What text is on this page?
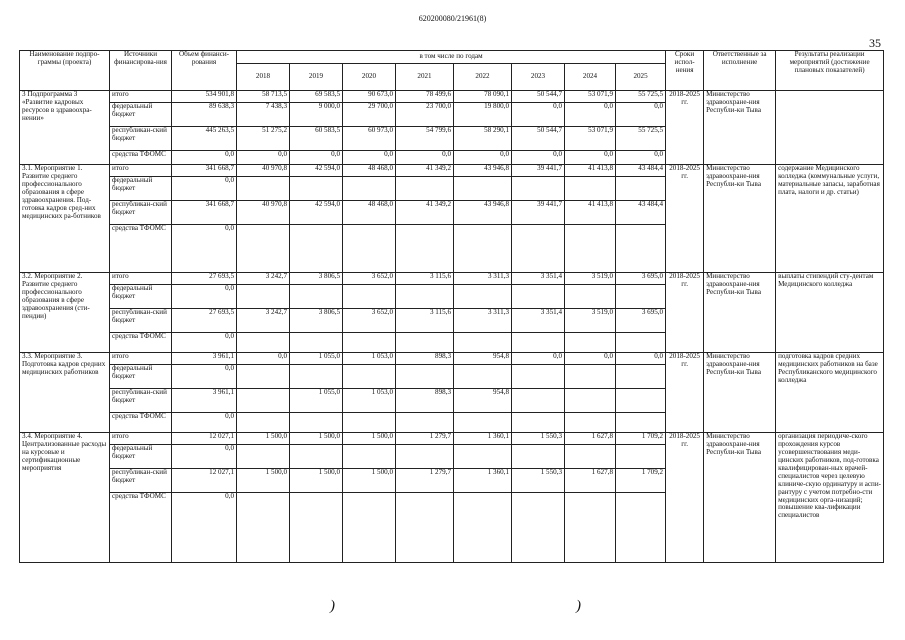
620200080/21961(8)
35
Наименование подпро-граммы (проекта)	Источники финансирова-ния	Объем финанси-рования	в том числе по годам								Сроки испол-нения	Ответственные за исполнение	Результаты реализации мероприятий (достижение плановых показателей)
			2018	2019	2020	2021	2022	2023	2024	2025			
3 Подпрограмма 3 «Развитие кадровых ресурсов в здравоохра-нении»	итого	534 901,8	58 713,5	69 583,5	90 673,0	78 499,6	78 090,1	50 544,7	53 071,9	55 725,5	2018-2025 гг.	Министерство здравоохране-ния Республи-ки Тыва	
	федеральный бюджет	89 638,3	7 438,3	9 000,0	29 700,0	23 700,0	19 800,0	0,0	0,0	0,0			
	республикан-ский бюджет	445 263,5	51 275,2	60 583,5	60 973,0	54 799,6	58 290,1	50 544,7	53 071,9	55 725,5			
	средства ТФОМС	0,0	0,0	0,0	0,0	0,0	0,0	0,0	0,0	0,0			
3.1. Мероприятие 1. Развитие среднего профессионального образования в сфере здравоохранения. Под-готовка кадров сред-них медицинских ра-ботников	итого	341 668,7	40 970,8	42 594,0	48 468,0	41 349,2	43 946,8	39 441,7	41 413,8	43 484,4	2018-2025 гг.	Министерство здравоохране-ния Республи-ки Тыва	содержание Медицинского колледжа (коммунальные услуги, материальные запасы, заработная плата, налоги и др. статьи)
	федеральный бюджет	0,0											
	республикан-ский бюджет	341 668,7	40 970,8	42 594,0	48 468,0	41 349,2	43 946,8	39 441,7	41 413,8	43 484,4			
	средства ТФОМС	0,0											
3.2. Мероприятие 2. Развитие среднего профессионального образования в сфере здравоохранения (сти-пендии)	итого	27 693,5	3 242,7	3 806,5	3 652,0	3 115,6	3 311,3	3 351,4	3 519,0	3 695,0	2018-2025 гг.	Министерство здравоохране-ния Республи-ки Тыва	выплаты стипендий сту-дентам Медицинского колледжа
	федеральный бюджет	0,0											
	республикан-ский бюджет	27 693,5	3 242,7	3 806,5	3 652,0	3 115,6	3 311,3	3 351,4	3 519,0	3 695,0			
	средства ТФОМС	0,0											
3.3. Мероприятие 3. Подготовка кадров средних медицинских работников	итого	3 961,1	0,0	1 055,0	1 053,0	898,3	954,8	0,0	0,0	0,0	2018-2025 гг.	Министерство здравоохране-ния Республи-ки Тыва	подготовка кадров средних медицинских работников на базе Республиканского медицинского колледжа
	федеральный бюджет	0,0											
	республикан-ский бюджет	3 961,1		1 055,0	1 053,0	898,3	954,8						
	средства ТФОМС	0,0											
3.4. Мероприятие 4. Централизованные расходы на курсовые и сертификационные мероприятия	итого	12 027,1	1 500,0	1 500,0	1 500,0	1 279,7	1 360,1	1 550,3	1 627,8	1 709,2	2018-2025 гг.	Министерство здравоохране-ния Республи-ки Тыва	организация периодиче-ского прохождения курсов усовершенствования меди-цинских работников, под-готовка квалифицирован-ных врачей-специалистов через целевую клиниче-скую ординатуру и аспи-рантуру с учетом потребно-сти медицинских орга-низаций; повышение ква-лификации специалистов
	федеральный бюджет	0,0											
	республикан-ский бюджет	12 027,1	1 500,0	1 500,0	1 500,0	1 279,7	1 360,1	1 550,3	1 627,8	1 709,2			
	средства ТФОМС	0,0											
)	)
